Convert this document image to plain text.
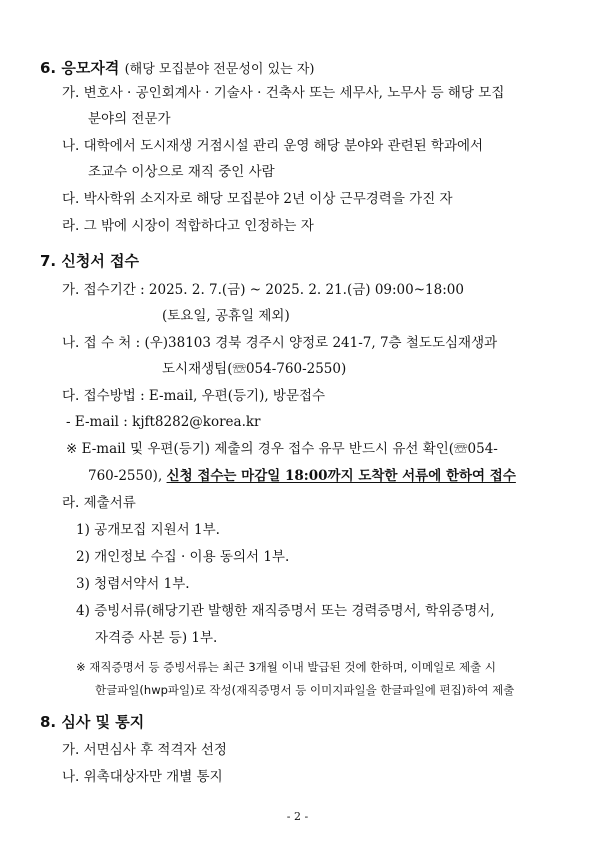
6. 응모자격 (해당 모집분야 전문성이 있는 자)
가. 변호사 · 공인회계사 · 기술사 · 건축사 또는 세무사, 노무사 등 해당 모집
분야의 전문가
나. 대학에서 도시재생 거점시설 관리 운영 해당 분야와 관련된 학과에서
조교수 이상으로 재직 중인 사람
다. 박사학위 소지자로 해당 모집분야 2년 이상 근무경력을 가진 자
라. 그 밖에 시장이 적합하다고 인정하는 자
7. 신청서 접수
가. 접수기간 : 2025. 2. 7.(금) ~ 2025. 2. 21.(금) 09:00~18:00
(토요일, 공휴일 제외)
나. 접 수 처 : (우)38103 경북 경주시 양정로 241-7, 7층 철도도심재생과
도시재생팀(☏054-760-2550)
다. 접수방법 : E-mail, 우편(등기), 방문접수
- E-mail : kjft8282@korea.kr
※ E-mail 및 우편(등기) 제출의 경우 접수 유무 반드시 유선 확인(☏054-
760-2550), 신청 접수는 마감일 18:00까지 도착한 서류에 한하여 접수
라. 제출서류
1) 공개모집 지원서 1부.
2) 개인정보 수집 · 이용 동의서 1부.
3) 청렴서약서 1부.
4) 증빙서류(해당기관 발행한 재직증명서 또는 경력증명서, 학위증명서,
자격증 사본 등) 1부.
※ 재직증명서 등 증빙서류는 최근 3개월 이내 발급된 것에 한하며, 이메일로 제출 시
한글파일(hwp파일)로 작성(재직증명서 등 이미지파일을 한글파일에 편집)하여 제출
8. 심사 및 통지
가. 서면심사 후 적격자 선정
나. 위촉대상자만 개별 통지
- 2 -
